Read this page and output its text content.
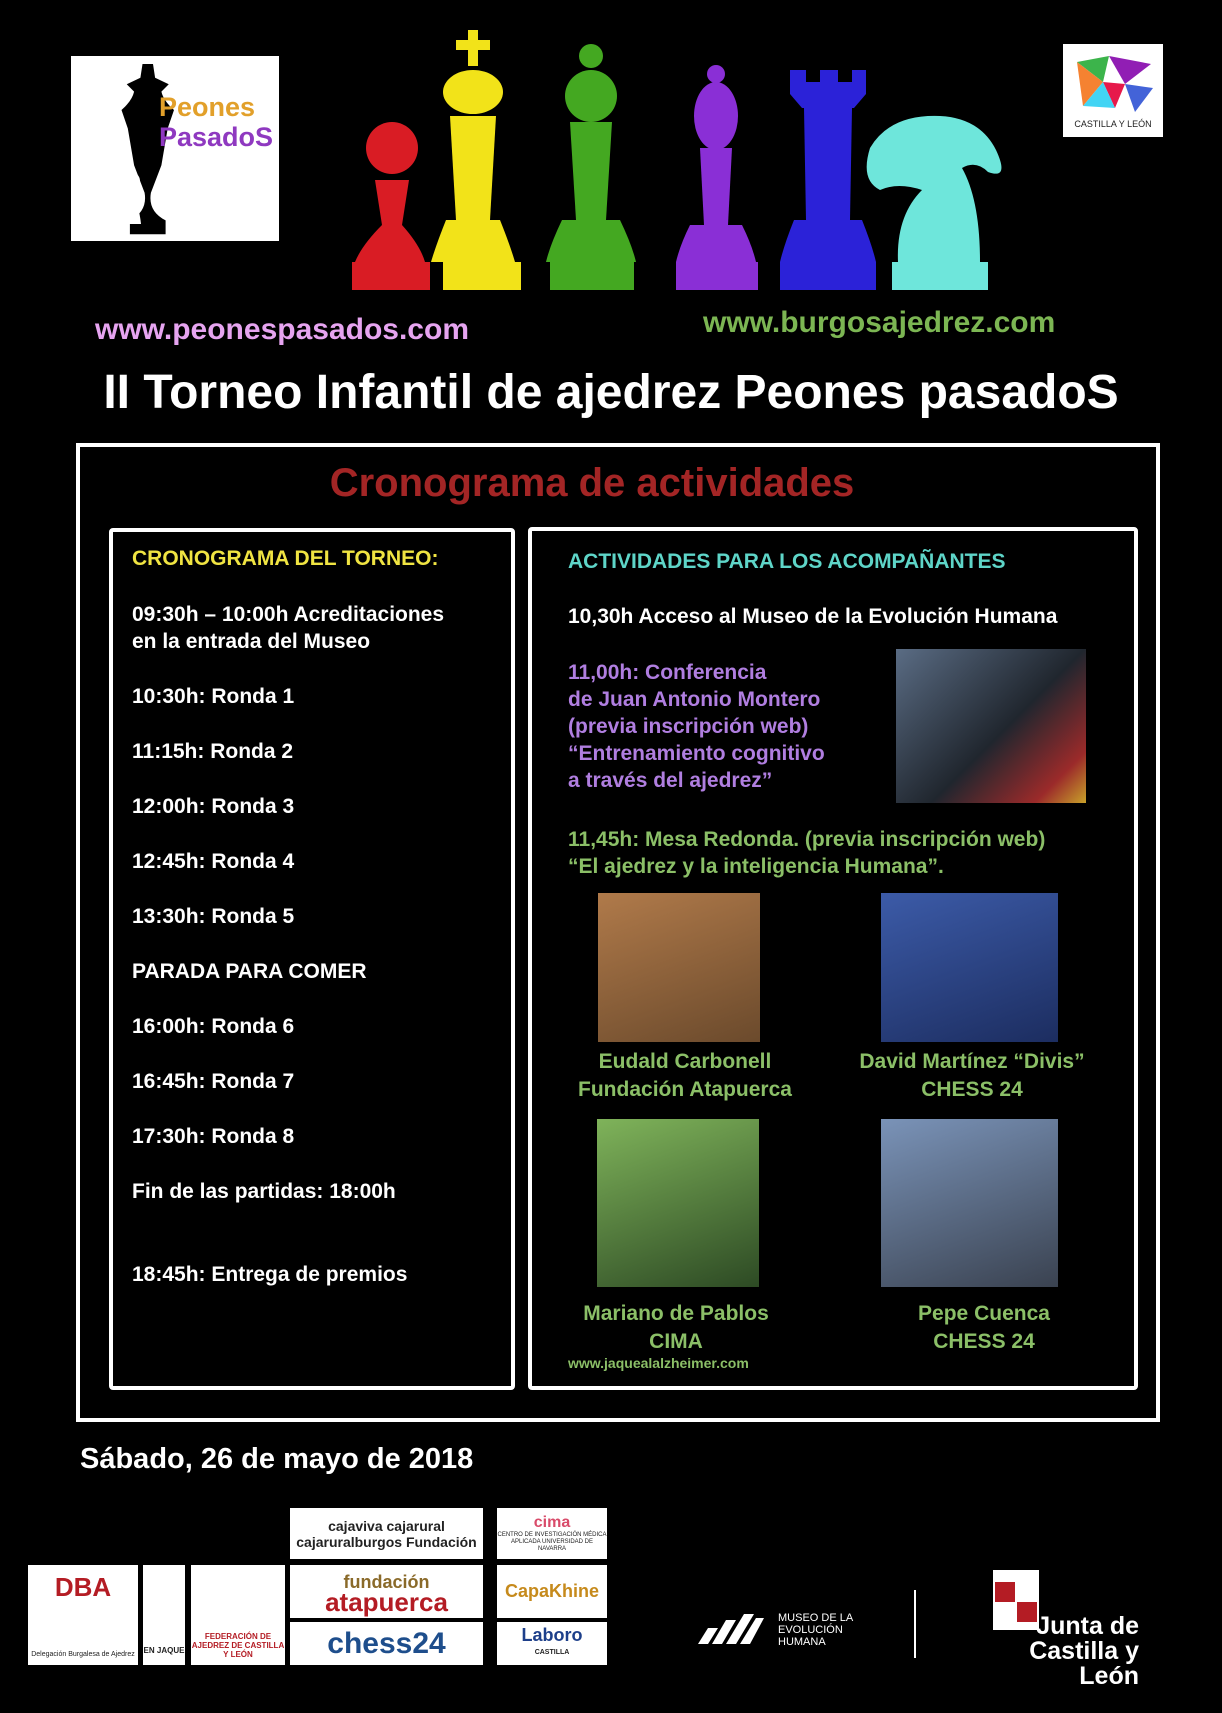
Peones
PasadoS	CASTILLA Y LEÓN
www.peonespasados.com	www.burgosajedrez.com
II Torneo Infantil de ajedrez Peones pasadoS
Cronograma de actividades
CRONOGRAMA DEL TORNEO:
09:30h – 10:00h Acreditaciones
en la entrada del Museo
10:30h: Ronda 1
11:15h: Ronda 2
12:00h: Ronda 3
12:45h: Ronda 4
13:30h: Ronda 5
PARADA PARA COMER
16:00h: Ronda 6
16:45h: Ronda 7
17:30h: Ronda 8
Fin de las partidas: 18:00h
18:45h: Entrega de premios
ACTIVIDADES PARA LOS ACOMPAÑANTES
10,30h Acceso al Museo de la Evolución Humana
11,00h: Conferencia
de Juan Antonio Montero
(previa inscripción web)
“Entrenamiento cognitivo
a través del ajedrez”
11,45h: Mesa Redonda. (previa inscripción web)
“El ajedrez y la inteligencia Humana”.
Eudald Carbonell
Fundación Atapuerca
David Martínez “Divis”
CHESS 24
Mariano de Pablos
CIMA
Pepe Cuenca
CHESS 24
www.jaquealalzheimer.com
Sábado, 26 de mayo de 2018
cajaviva cajarural cajaruralburgos Fundación
cima
CENTRO DE INVESTIGACIÓN MÉDICA APLICADA UNIVERSIDAD DE NAVARRA
fundación
atapuerca	CapaKhine
chess24	Laboro
CASTILLA
DBA
Delegación Burgalesa de Ajedrez EN JAQUE
FEDERACIÓN DE AJEDREZ DE CASTILLA Y LEÓN
MUSEO DE LA EVOLUCIÓN HUMANA
Junta de
Castilla y León
